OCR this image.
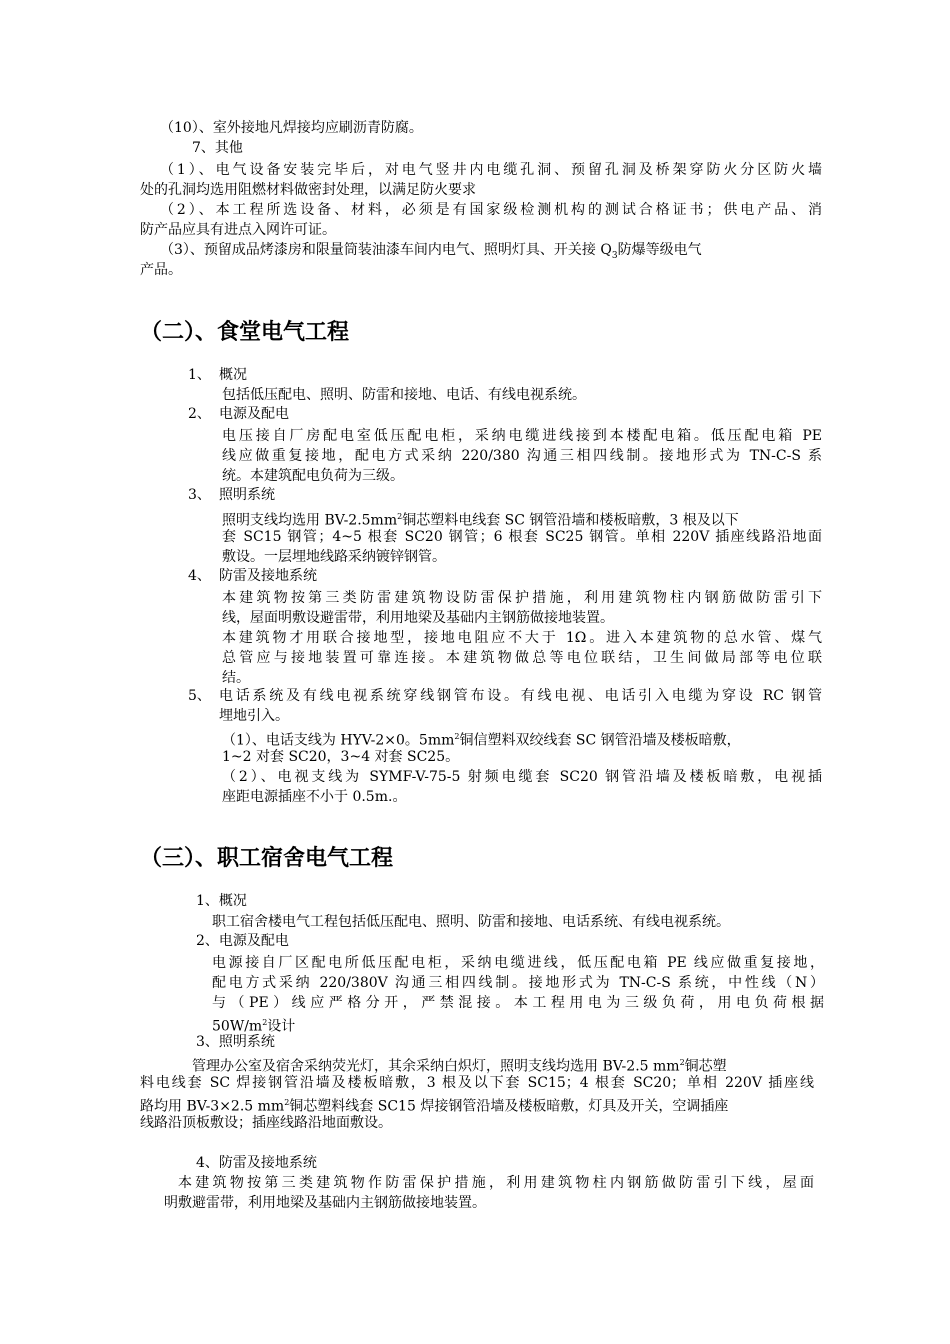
（10）、室外接地凡焊接均应刷沥青防腐。
7、其他
（1）、电气设备安装完毕后，对电气竖井内电缆孔洞、预留孔洞及桥架穿防火分区防火墙
处的孔洞均选用阻燃材料做密封处理，以满足防火要求
（2）、本工程所选设备、材料，必须是有国家级检测机构的测试合格证书；供电产品、消
防产品应具有进点入网许可证。
（3）、预留成品烤漆房和限量筒装油漆车间内电气、照明灯具、开关接 $Q_3$防爆等级电气
产品。
（二）、食堂电气工程
1、 概况
包括低压配电、照明、防雷和接地、电话、有线电视系统。
2、 电源及配电
电压接自厂房配电室低压配电柜，采纳电缆进线接到本楼配电箱。低压配电箱 PE
线应做重复接地，配电方式采纳 220/380 沟通三相四线制。接地形式为 TN-C-S 系
统。本建筑配电负荷为三级。
3、 照明系统
照明支线均选用 $BV-2.5mm^2$铜芯塑料电线套 SC 钢管沿墙和楼板暗敷，3 根及以下
套 SC15 钢管；4~5 根套 SC20 钢管；6 根套 SC25 钢管。单相 220V 插座线路沿地面
敷设。一层埋地线路采纳镀锌钢管。
4、 防雷及接地系统
本建筑物按第三类防雷建筑物设防雷保护措施，利用建筑物柱内钢筋做防雷引下
线，屋面明敷设避雷带，利用地梁及基础内主钢筋做接地装置。
本建筑物才用联合接地型，接地电阻应不大于 1Ω。进入本建筑物的总水管、煤气
总管应与接地装置可靠连接。本建筑物做总等电位联结，卫生间做局部等电位联
结。
5、 电话系统及有线电视系统穿线钢管布设。有线电视、电话引入电缆为穿设 RC 钢管
埋地引入。
（1）、电话支线为 HYV-2×0。$5mm^2$铜信塑料双绞线套 SC 钢管沿墙及楼板暗敷，
1~2 对套 SC20，3~4 对套 SC25。
（2）、电视支线为 SYMF-V-75-5 射频电缆套 SC20 钢管沿墙及楼板暗敷，电视插
座距电源插座不小于 0.5m.。
（三）、职工宿舍电气工程
1、概况
职工宿舍楼电气工程包括低压配电、照明、防雷和接地、电话系统、有线电视系统。
2、电源及配电
电源接自厂区配电所低压配电柜，采纳电缆进线，低压配电箱 PE 线应做重复接地，
配电方式采纳 220/380V 沟通三相四线制。接地形式为 TN-C-S 系统，中性线（N）
与（PE）线应严格分开，严禁混接。本工程用电为三级负荷，用电负荷根据
$50W/m^2$设计
3、照明系统
管理办公室及宿舍采纳荧光灯，其余采纳白炽灯，照明支线均选用 BV-2.5 $mm^2$铜芯塑
料电线套 SC 焊接钢管沿墙及楼板暗敷，3 根及以下套 SC15；4 根套 SC20；单相 220V 插座线
路均用 BV-3×2.5 $mm^2$铜芯塑料线套 SC15 焊接钢管沿墙及楼板暗敷，灯具及开关，空调插座
线路沿顶板敷设；插座线路沿地面敷设。
4、防雷及接地系统
本建筑物按第三类建筑物作防雷保护措施，利用建筑物柱内钢筋做防雷引下线，屋面
明敷避雷带，利用地梁及基础内主钢筋做接地装置。
